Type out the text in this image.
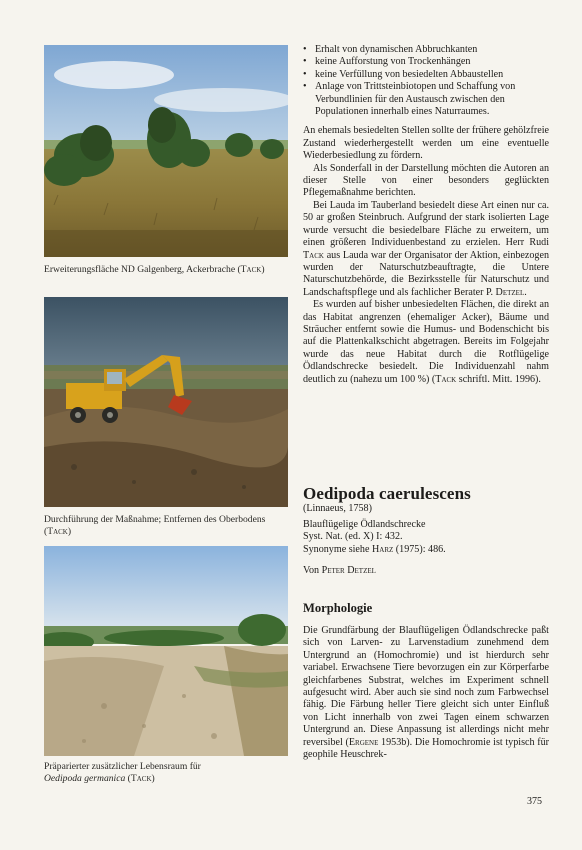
Erweiterungsfläche ND Galgenberg, Ackerbrache (Tack)
Durchführung der Maßnahme; Entfernen des Oberbodens (Tack)
Präparierter zusätzlicher Lebensraum für
Oedipoda germanica (Tack)
• Erhalt von dynamischen Abbruchkanten
• keine Aufforstung von Trockenhängen
• keine Verfüllung von besiedelten Abbaustellen
• Anlage von Trittsteinbiotopen und Schaffung von Verbundlinien für den Austausch zwischen den Populationen innerhalb eines Naturraumes.

An ehemals besiedelten Stellen sollte der frühere gehölzfreie Zustand wiederhergestellt werden um eine eventuelle Wiederbesiedlung zu fördern.

Als Sonderfall in der Darstellung möchten die Autoren an dieser Stelle von einer besonders geglückten Pflegemaßnahme berichten.

Bei Lauda im Tauberland besiedelt diese Art einen nur ca. 50 ar großen Steinbruch. Aufgrund der stark isolierten Lage wurde versucht die besiedelbare Fläche zu erweitern, um einen größeren Individuenbestand zu erzielen. Herr Rudi Tack aus Lauda war der Organisator der Aktion, einbezogen wurden der Naturschutzbeauftragte, die Untere Naturschutzbehörde, die Bezirksstelle für Naturschutz und Landschaftspflege und als fachlicher Berater P. Detzel.

Es wurden auf bisher unbesiedelten Flächen, die direkt an das Habitat angrenzen (ehemaliger Acker), Bäume und Sträucher entfernt sowie die Humus- und Bodenschicht bis auf die Plattenkalkschicht abgetragen. Bereits im Folgejahr wurde das neue Habitat durch die Rotflügelige Ödlandschrecke besiedelt. Die Individuenzahl nahm deutlich zu (nahezu um 100 %) (Tack schriftl. Mitt. 1996).

Oedipoda caerulescens
(Linnaeus, 1758)
Blauflügelige Ödlandschrecke
Syst. Nat. (ed. X) I: 432.
Synonyme siehe Harz (1975): 486.
Von Peter Detzel
Morphologie

Die Grundfärbung der Blauflügeligen Ödlandschrecke paßt sich von Larven- zu Larvenstadium zunehmend dem Untergrund an (Homochromie) und ist hierdurch sehr variabel. Erwachsene Tiere bevorzugen ein zur Körperfarbe gleichfarbenes Substrat, welches im Experiment schnell aufgesucht wird. Aber auch sie sind noch zum Farbwechsel fähig. Die Färbung heller Tiere gleicht sich unter Einfluß von Licht innerhalb von zwei Tagen einem schwarzen Untergrund an. Diese Anpassung ist allerdings nicht mehr reversibel (Ergene 1953b). Die Homochromie ist typisch für geophile Heuschrek-

375
